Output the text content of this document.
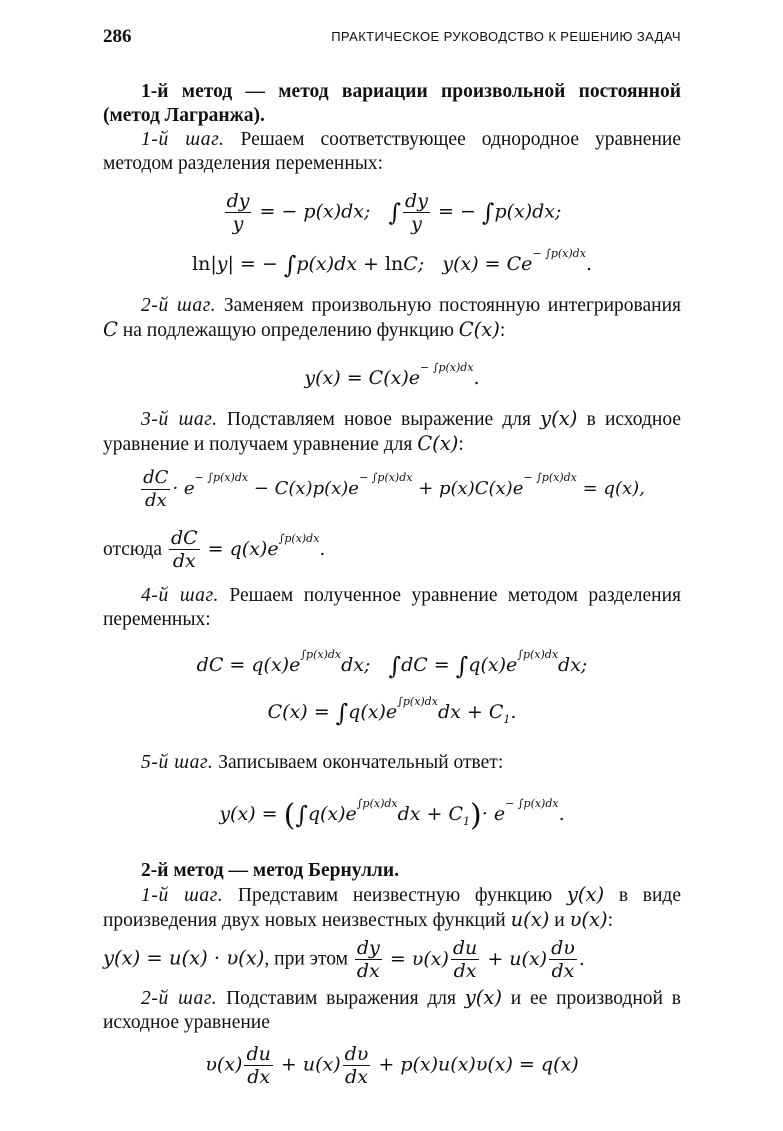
286	ПРАКТИЧЕСКОЕ РУКОВОДСТВО К РЕШЕНИЮ ЗАДАЧ

1-й метод — метод вариации произвольной постоянной (метод Лагранжа).

1-й шаг. Решаем соответствующее однородное уравнение методом разделения переменных:

$\frac{dy}{y}$ = − p(x)dx;   ∫ $\frac{dy}{y}$ = − ∫p(x)dx;

ln|y| = − ∫p(x)dx + lnC;   $y(x) = Ce^{- \int p(x)dx}$.

2-й шаг. Заменяем произвольную постоянную интегрирования C на подлежащую определению функцию C(x):

$y(x) = C(x)e^{- \int p(x)dx}$.

3-й шаг. Подставляем новое выражение для y(x) в исходное уравнение и получаем уравнение для C(x):

$\frac{dC}{dx} \cdot e^{- \int p(x)dx} - C(x)p(x)e^{- \int p(x)dx} + p(x)C(x)e^{- \int p(x)dx} = q(x)$,

отсюда $\frac{dC}{dx} = q(x)e^{\int p(x)dx}$.

4-й шаг. Решаем полученное уравнение методом разделения переменных:

dC = $q(x)e^{\int p(x)dx}dx$;   $\int dC = \int q(x)e^{\int p(x)dx}dx$;

$C(x) = \int q(x)e^{\int p(x)dx}dx + C_1$.

5-й шаг. Записываем окончательный ответ:

$y(x) = (\int q(x)e^{\int p(x)dx}dx + C_1)\cdot e^{- \int p(x)dx}$.

2-й метод — метод Бернулли.

1-й шаг. Представим неизвестную функцию y(x) в виде произведения двух новых неизвестных функций u(x) и υ(x):

y(x) = u(x) · υ(x), при этом $\frac{dy}{dx} = \upsilon(x) \frac{du}{dx} + u(x) \frac{d\upsilon}{dx}$ .

2-й шаг. Подставим выражения для y(x) и ее производной в исходное уравнение

$\upsilon(x) \frac{du}{dx} + u(x) \frac{d\upsilon}{dx} + p(x)u(x)\upsilon(x) = q(x)$
